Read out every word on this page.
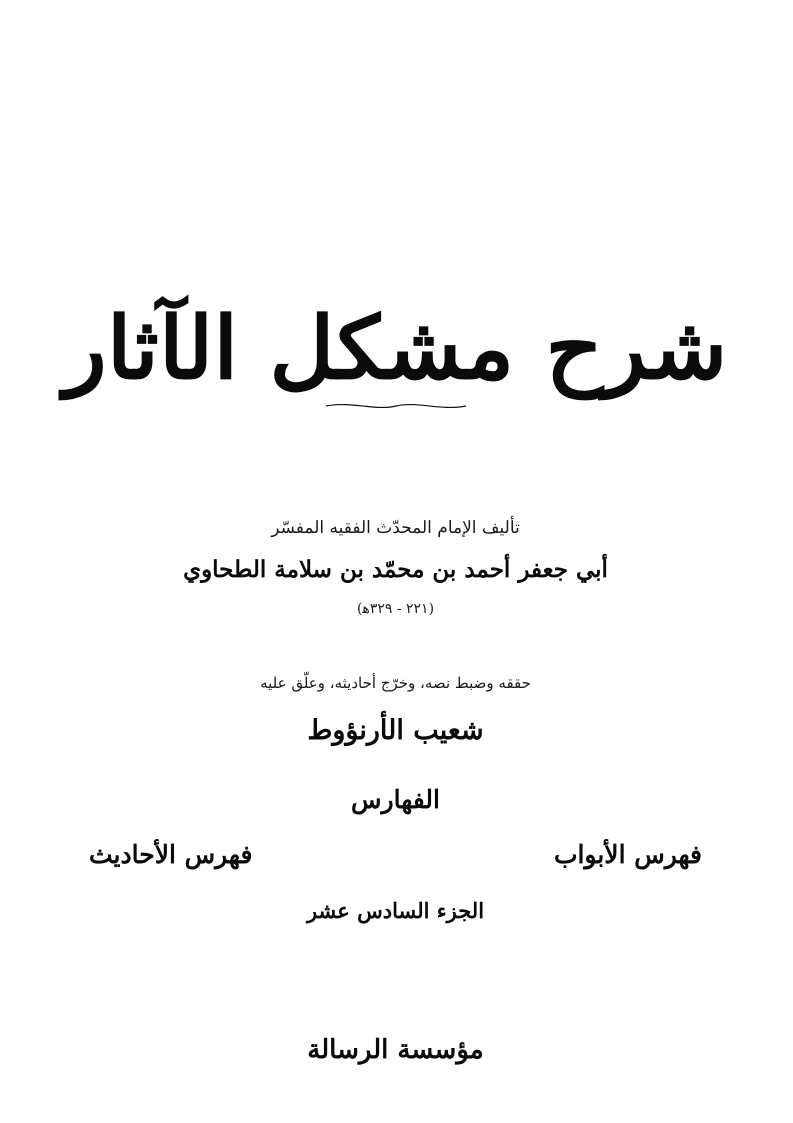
شرح مشكل الآثار
تأليف الإمام المحدّث الفقيه المفسّر
أبي جعفر أحمد بن محمّد بن سلامة الطحاوي
(٢٢١ - ٣٢٩ﻫ)
حققه وضبط نصه، وخرّج أحاديثه، وعلّق عليه
شعيب الأرنؤوط
الفهارس
فهرس الأحاديث	فهرس الأبواب
الجزء السادس عشر
مؤسسة الرسالة
